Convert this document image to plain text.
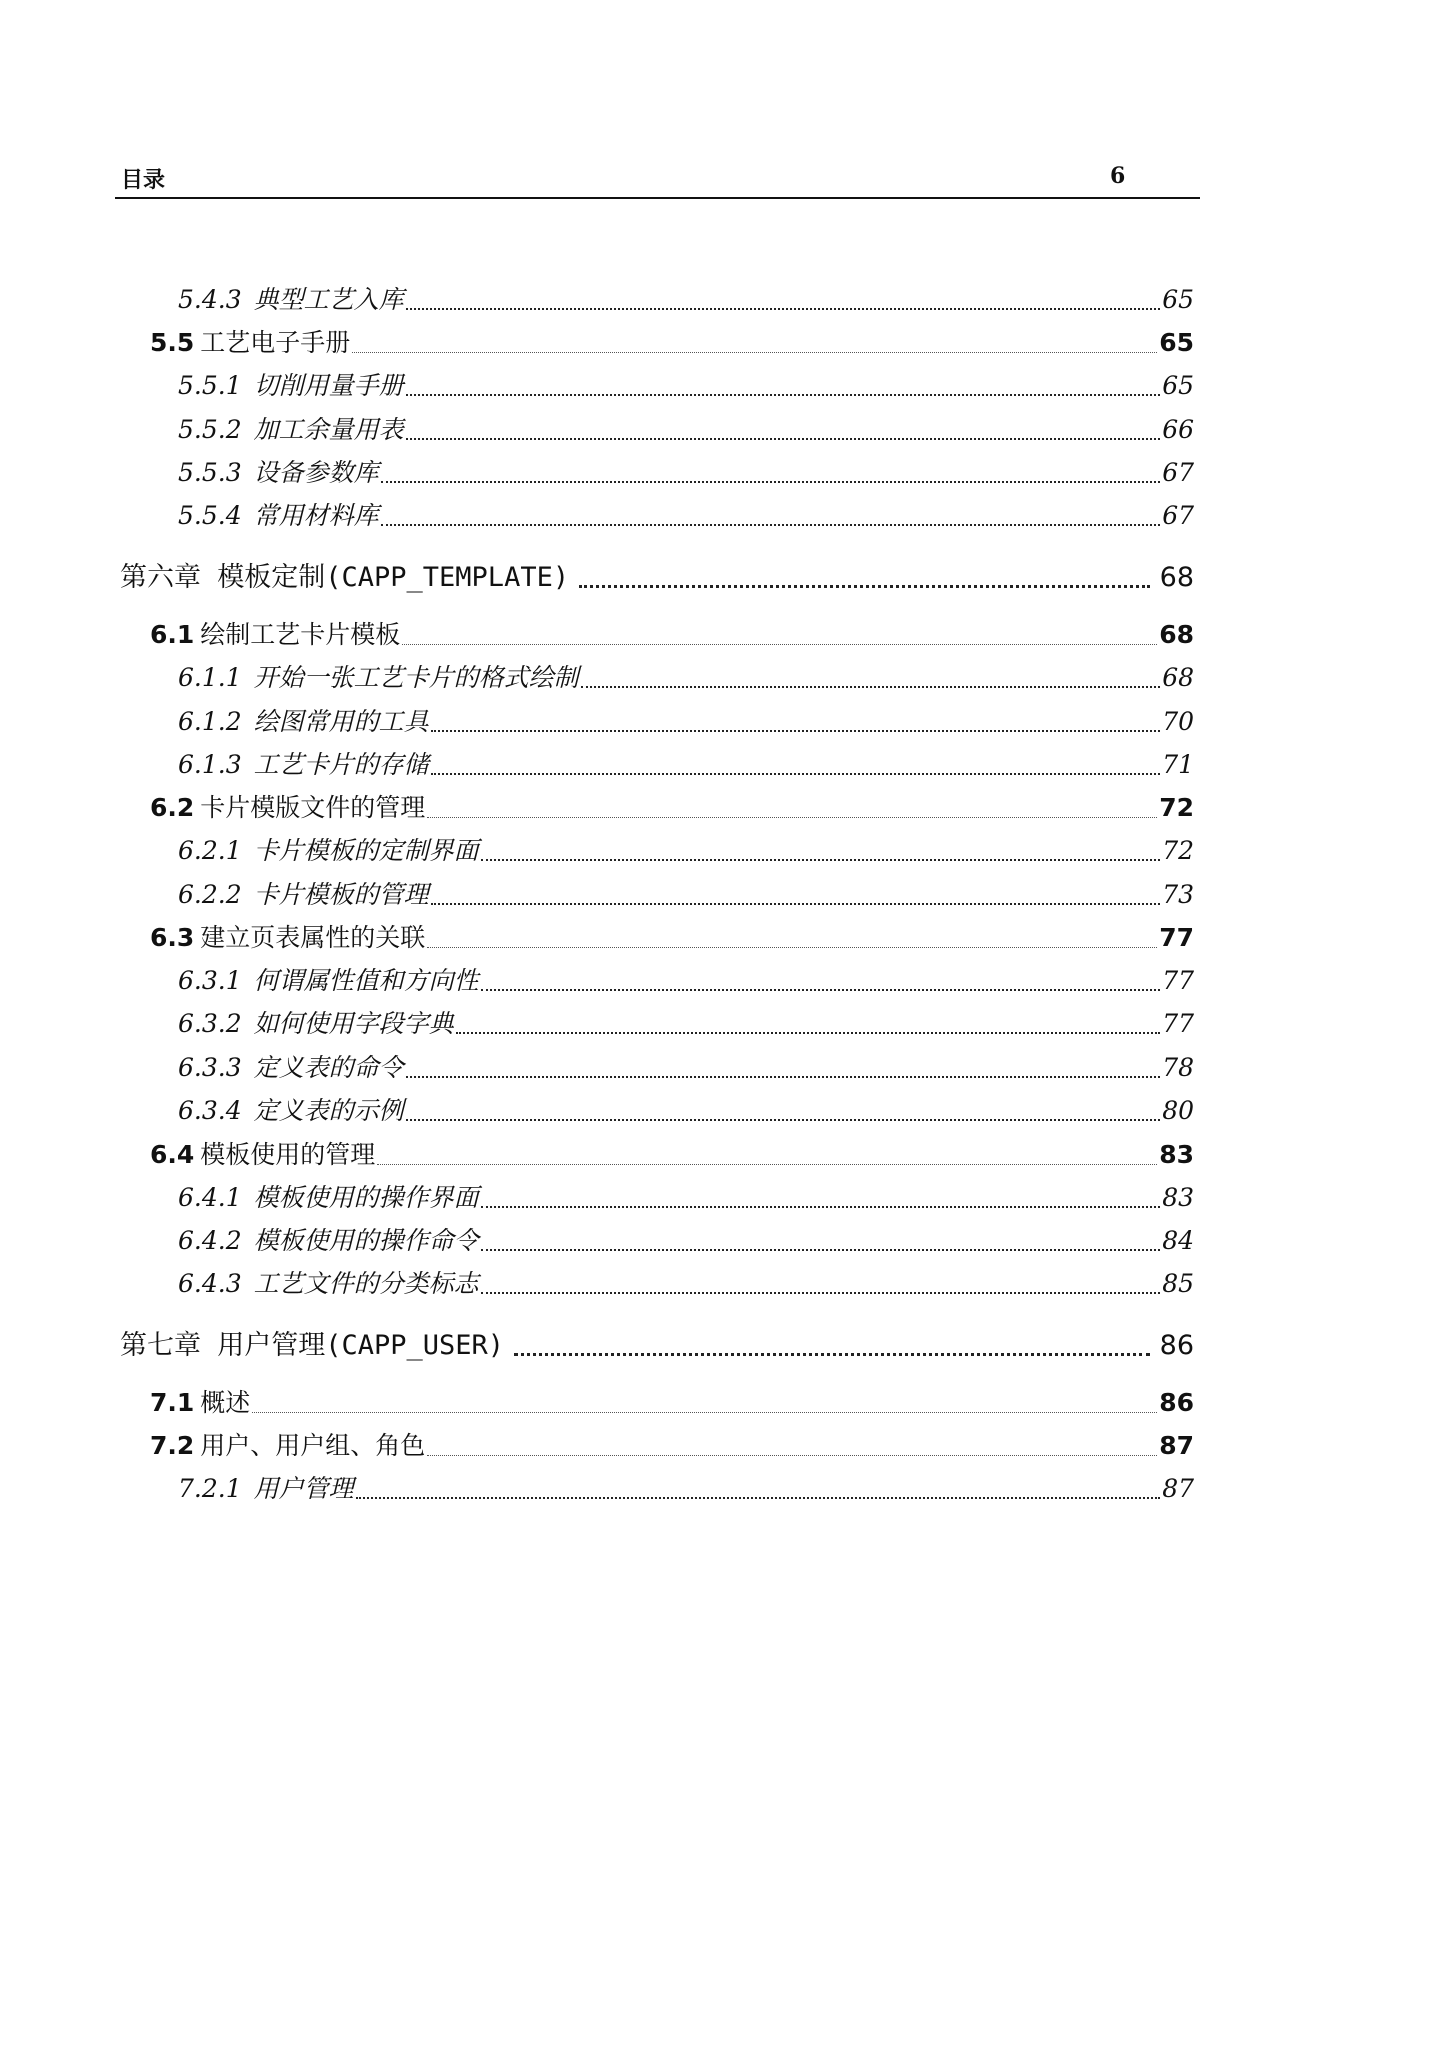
目录	6
5.4.3 典型工艺入库	65
5.5 工艺电子手册	65
5.5.1 切削用量手册	65
5.5.2 加工余量用表	66
5.5.3 设备参数库	67
5.5.4 常用材料库	67
第六章 模板定制(CAPP_TEMPLATE)	68
6.1 绘制工艺卡片模板	68
6.1.1 开始一张工艺卡片的格式绘制	68
6.1.2 绘图常用的工具	70
6.1.3 工艺卡片的存储	71
6.2 卡片模版文件的管理	72
6.2.1 卡片模板的定制界面	72
6.2.2 卡片模板的管理	73
6.3 建立页表属性的关联	77
6.3.1 何谓属性值和方向性	77
6.3.2 如何使用字段字典	77
6.3.3 定义表的命令	78
6.3.4 定义表的示例	80
6.4 模板使用的管理	83
6.4.1 模板使用的操作界面	83
6.4.2 模板使用的操作命令	84
6.4.3 工艺文件的分类标志	85
第七章 用户管理(CAPP_USER)	86
7.1 概述	86
7.2 用户、用户组、角色	87
7.2.1 用户管理	87
